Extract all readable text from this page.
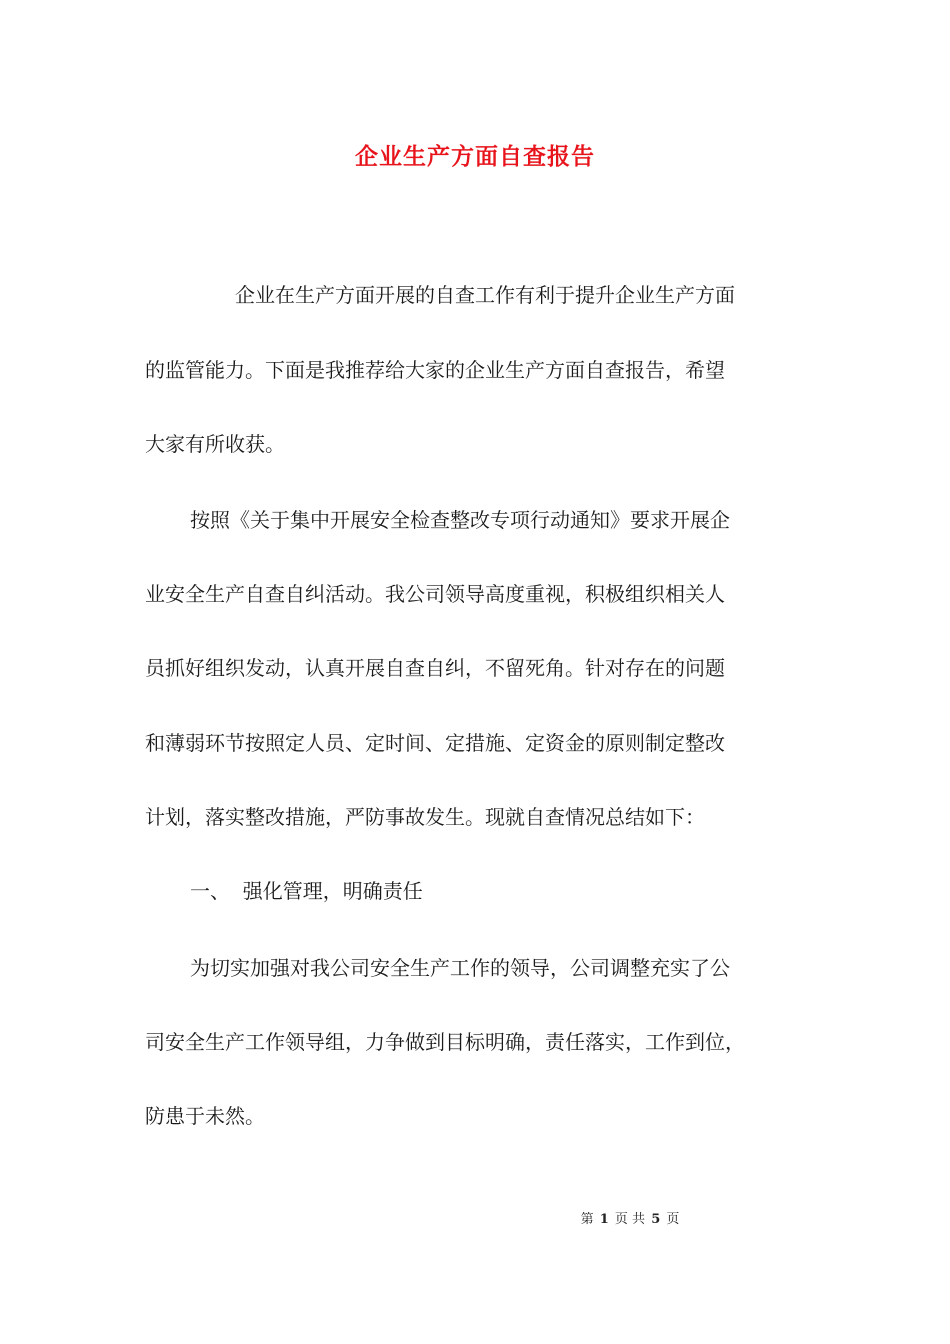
企业生产方面自查报告
企业在生产方面开展的自查工作有利于提升企业生产方面
的监管能力。下面是我推荐给大家的企业生产方面自查报告，希望
大家有所收获。
按照《关于集中开展安全检查整改专项行动通知》要求开展企
业安全生产自查自纠活动。我公司领导高度重视，积极组织相关人
员抓好组织发动，认真开展自查自纠，不留死角。针对存在的问题
和薄弱环节按照定人员、定时间、定措施、定资金的原则制定整改
计划，落实整改措施，严防事故发生。现就自查情况总结如下：
一、  强化管理，明确责任
为切实加强对我公司安全生产工作的领导，公司调整充实了公
司安全生产工作领导组，力争做到目标明确，责任落实，工作到位，
防患于未然。
第 1 页 共 5 页
